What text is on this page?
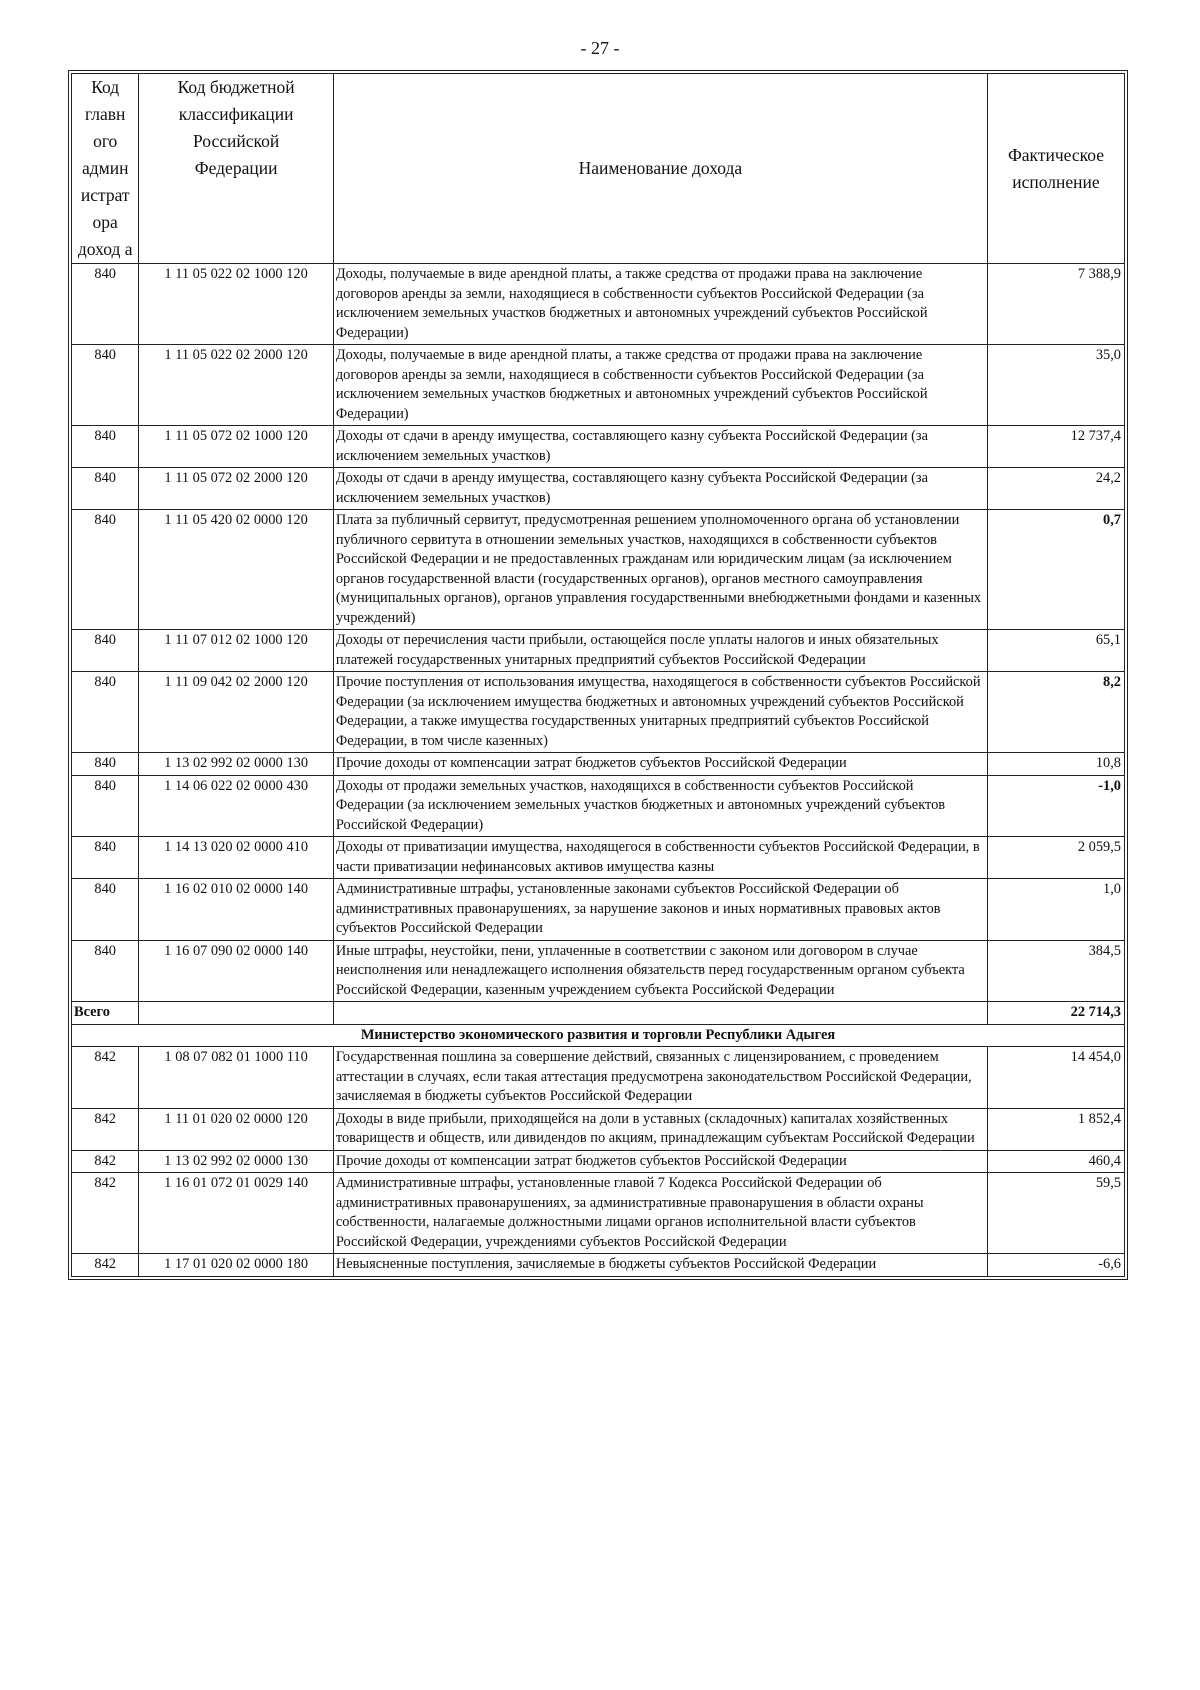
- 27 -
Код главн ого админ истрат ора доход а	Код бюджетной классификации Российской Федерации	Наименование дохода	Фактическое исполнение
840	1 11 05 022 02 1000 120	Доходы, получаемые в виде арендной платы, а также средства от продажи права на заключение договоров аренды за земли, находящиеся в собственности субъектов Российской Федерации (за исключением земельных участков бюджетных и автономных учреждений субъектов Российской Федерации)	7 388,9
840	1 11 05 022 02 2000 120	Доходы, получаемые в виде арендной платы, а также средства от продажи права на заключение договоров аренды за земли, находящиеся в собственности субъектов Российской Федерации (за исключением земельных участков бюджетных и автономных учреждений субъектов Российской Федерации)	35,0
840	1 11 05 072 02 1000 120	Доходы от сдачи в аренду имущества, составляющего казну субъекта Российской Федерации (за исключением земельных участков)	12 737,4
840	1 11 05 072 02 2000 120	Доходы от сдачи в аренду имущества, составляющего казну субъекта Российской Федерации (за исключением земельных участков)	24,2
840	1 11 05 420 02 0000 120	Плата за публичный сервитут, предусмотренная решением уполномоченного органа об установлении публичного сервитута в отношении земельных участков, находящихся в собственности субъектов Российской Федерации и не предоставленных гражданам или юридическим лицам (за исключением органов государственной власти (государственных органов), органов местного самоуправления (муниципальных органов), органов управления государственными внебюджетными фондами и казенных учреждений)	0,7
840	1 11 07 012 02 1000 120	Доходы от перечисления части прибыли, остающейся после уплаты налогов и иных обязательных платежей государственных унитарных предприятий субъектов Российской Федерации	65,1
840	1 11 09 042 02 2000 120	Прочие поступления от использования имущества, находящегося в собственности субъектов Российской Федерации (за исключением имущества бюджетных и автономных учреждений субъектов Российской Федерации, а также имущества государственных унитарных предприятий субъектов Российской Федерации, в том числе казенных)	8,2
840	1 13 02 992 02 0000 130	Прочие доходы от компенсации затрат бюджетов субъектов Российской Федерации	10,8
840	1 14 06 022 02 0000 430	Доходы от продажи земельных участков, находящихся в собственности субъектов Российской Федерации (за исключением земельных участков бюджетных и автономных учреждений субъектов Российской Федерации)	-1,0
840	1 14 13 020 02 0000 410	Доходы от приватизации имущества, находящегося в собственности субъектов Российской Федерации, в части приватизации нефинансовых активов имущества казны	2 059,5
840	1 16 02 010 02 0000 140	Административные штрафы, установленные законами субъектов Российской Федерации об административных правонарушениях, за нарушение законов и иных нормативных правовых актов субъектов Российской Федерации	1,0
840	1 16 07 090 02 0000 140	Иные штрафы, неустойки, пени, уплаченные в соответствии с законом или договором в случае неисполнения или ненадлежащего исполнения обязательств перед государственным органом субъекта Российской Федерации, казенным учреждением субъекта Российской Федерации	384,5
Всего			22 714,3
Министерство экономического развития и торговли Республики Адыгея			
842	1 08 07 082 01 1000 110	Государственная пошлина за совершение действий, связанных с лицензированием, с проведением аттестации в случаях, если такая аттестация предусмотрена законодательством Российской Федерации, зачисляемая в бюджеты субъектов Российской Федерации	14 454,0
842	1 11 01 020 02 0000 120	Доходы в виде прибыли, приходящейся на доли в уставных (складочных) капиталах хозяйственных товариществ и обществ, или дивидендов по акциям, принадлежащим субъектам Российской Федерации	1 852,4
842	1 13 02 992 02 0000 130	Прочие доходы от компенсации затрат бюджетов субъектов Российской Федерации	460,4
842	1 16 01 072 01 0029 140	Административные штрафы, установленные главой 7 Кодекса Российской Федерации об административных правонарушениях, за административные правонарушения в области охраны собственности, налагаемые должностными лицами органов исполнительной власти субъектов Российской Федерации, учреждениями субъектов Российской Федерации	59,5
842	1 17 01 020 02 0000 180	Невыясненные поступления, зачисляемые в бюджеты субъектов Российской Федерации	-6,6
